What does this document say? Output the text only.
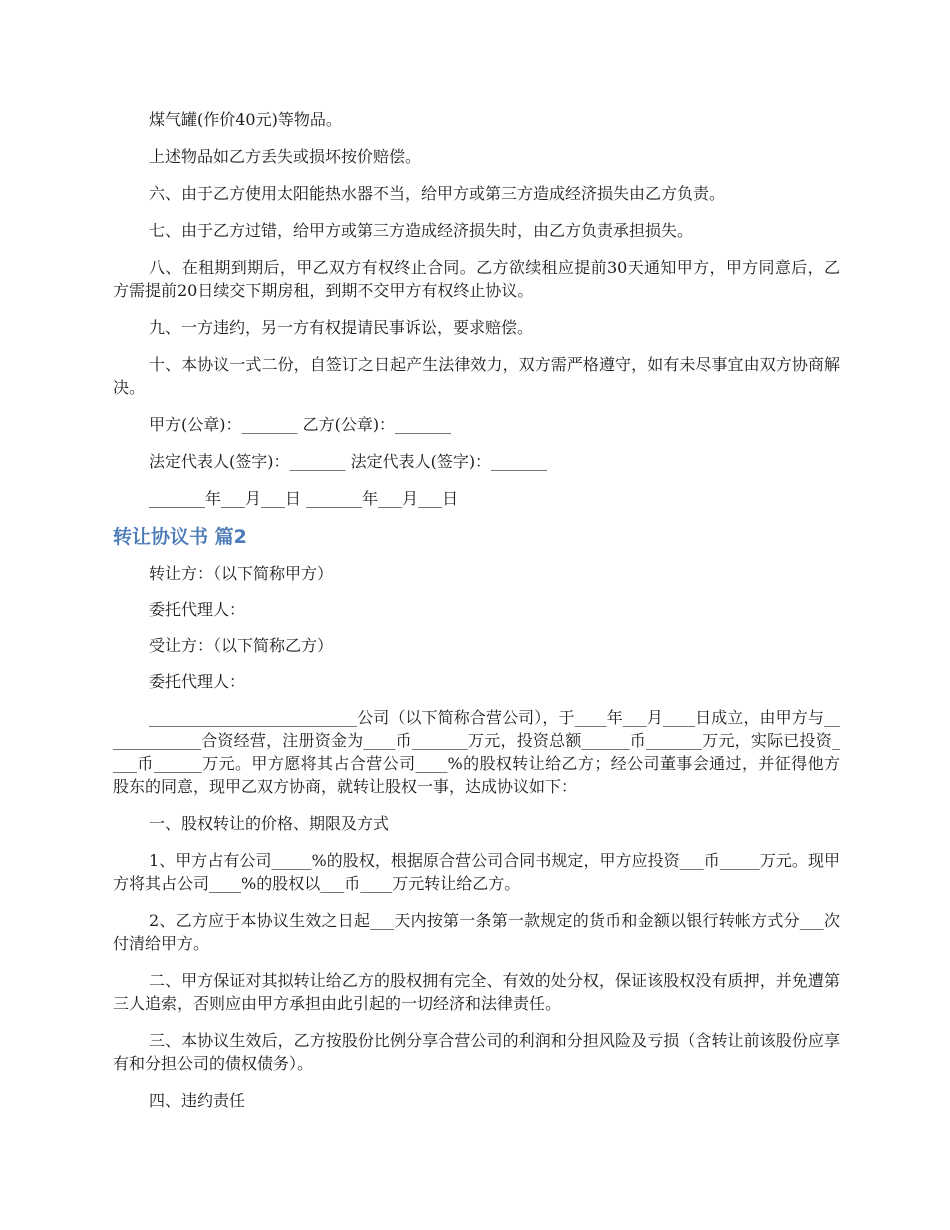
煤气罐(作价40元)等物品。

上述物品如乙方丢失或损坏按价赔偿。

六、由于乙方使用太阳能热水器不当，给甲方或第三方造成经济损失由乙方负责。

七、由于乙方过错，给甲方或第三方造成经济损失时，由乙方负责承担损失。

八、在租期到期后，甲乙双方有权终止合同。乙方欲续租应提前30天通知甲方，甲方同意后，乙方需提前20日续交下期房租，到期不交甲方有权终止协议。

九、一方违约，另一方有权提请民事诉讼，要求赔偿。

十、本协议一式二份，自签订之日起产生法律效力，双方需严格遵守，如有未尽事宜由双方协商解决。

甲方(公章)：_______ 乙方(公章)：_______

法定代表人(签字)：_______ 法定代表人(签字)：_______

_______年___月___日 _______年___月___日

转让协议书 篇2

转让方：（以下简称甲方）

委托代理人：

受让方：（以下简称乙方）

委托代理人：

__________________________公司（以下简称合营公司），于____年___月____日成立，由甲方与_____________合资经营，注册资金为____币_______万元，投资总额______币_______万元，实际已投资____币______万元。甲方愿将其占合营公司____%的股权转让给乙方；经公司董事会通过，并征得他方股东的同意，现甲乙双方协商，就转让股权一事，达成协议如下：

一、股权转让的价格、期限及方式

1、甲方占有公司_____%的股权，根据原合营公司合同书规定，甲方应投资___币_____万元。现甲方将其占公司____%的股权以___币____万元转让给乙方。

2、乙方应于本协议生效之日起___天内按第一条第一款规定的货币和金额以银行转帐方式分___次付清给甲方。

二、甲方保证对其拟转让给乙方的股权拥有完全、有效的处分权，保证该股权没有质押，并免遭第三人追索，否则应由甲方承担由此引起的一切经济和法律责任。

三、本协议生效后，乙方按股份比例分享合营公司的利润和分担风险及亏损（含转让前该股份应享有和分担公司的债权债务）。

四、违约责任
